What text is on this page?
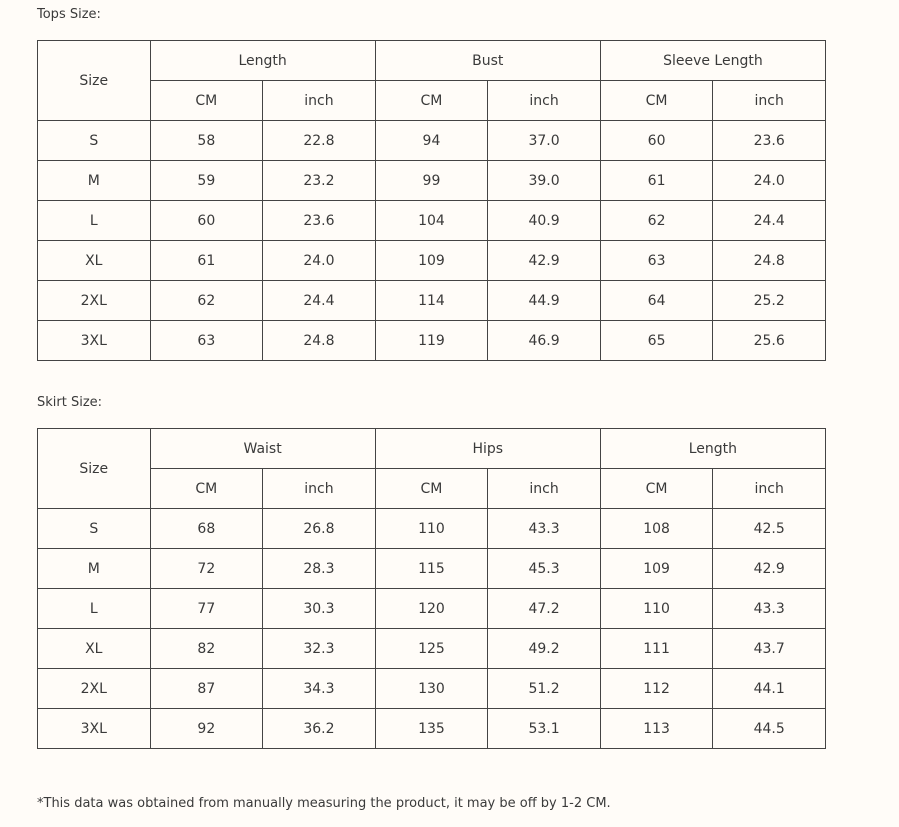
Tops Size:
Size	Length		Bust		Sleeve Length	
	CM	inch	CM	inch	CM	inch
S	58	22.8	94	37.0	60	23.6
M	59	23.2	99	39.0	61	24.0
L	60	23.6	104	40.9	62	24.4
XL	61	24.0	109	42.9	63	24.8
2XL	62	24.4	114	44.9	64	25.2
3XL	63	24.8	119	46.9	65	25.6
Skirt Size:
Size	Waist		Hips		Length	
	CM	inch	CM	inch	CM	inch
S	68	26.8	110	43.3	108	42.5
M	72	28.3	115	45.3	109	42.9
L	77	30.3	120	47.2	110	43.3
XL	82	32.3	125	49.2	111	43.7
2XL	87	34.3	130	51.2	112	44.1
3XL	92	36.2	135	53.1	113	44.5
*This data was obtained from manually measuring the product, it may be off by 1-2 CM.
